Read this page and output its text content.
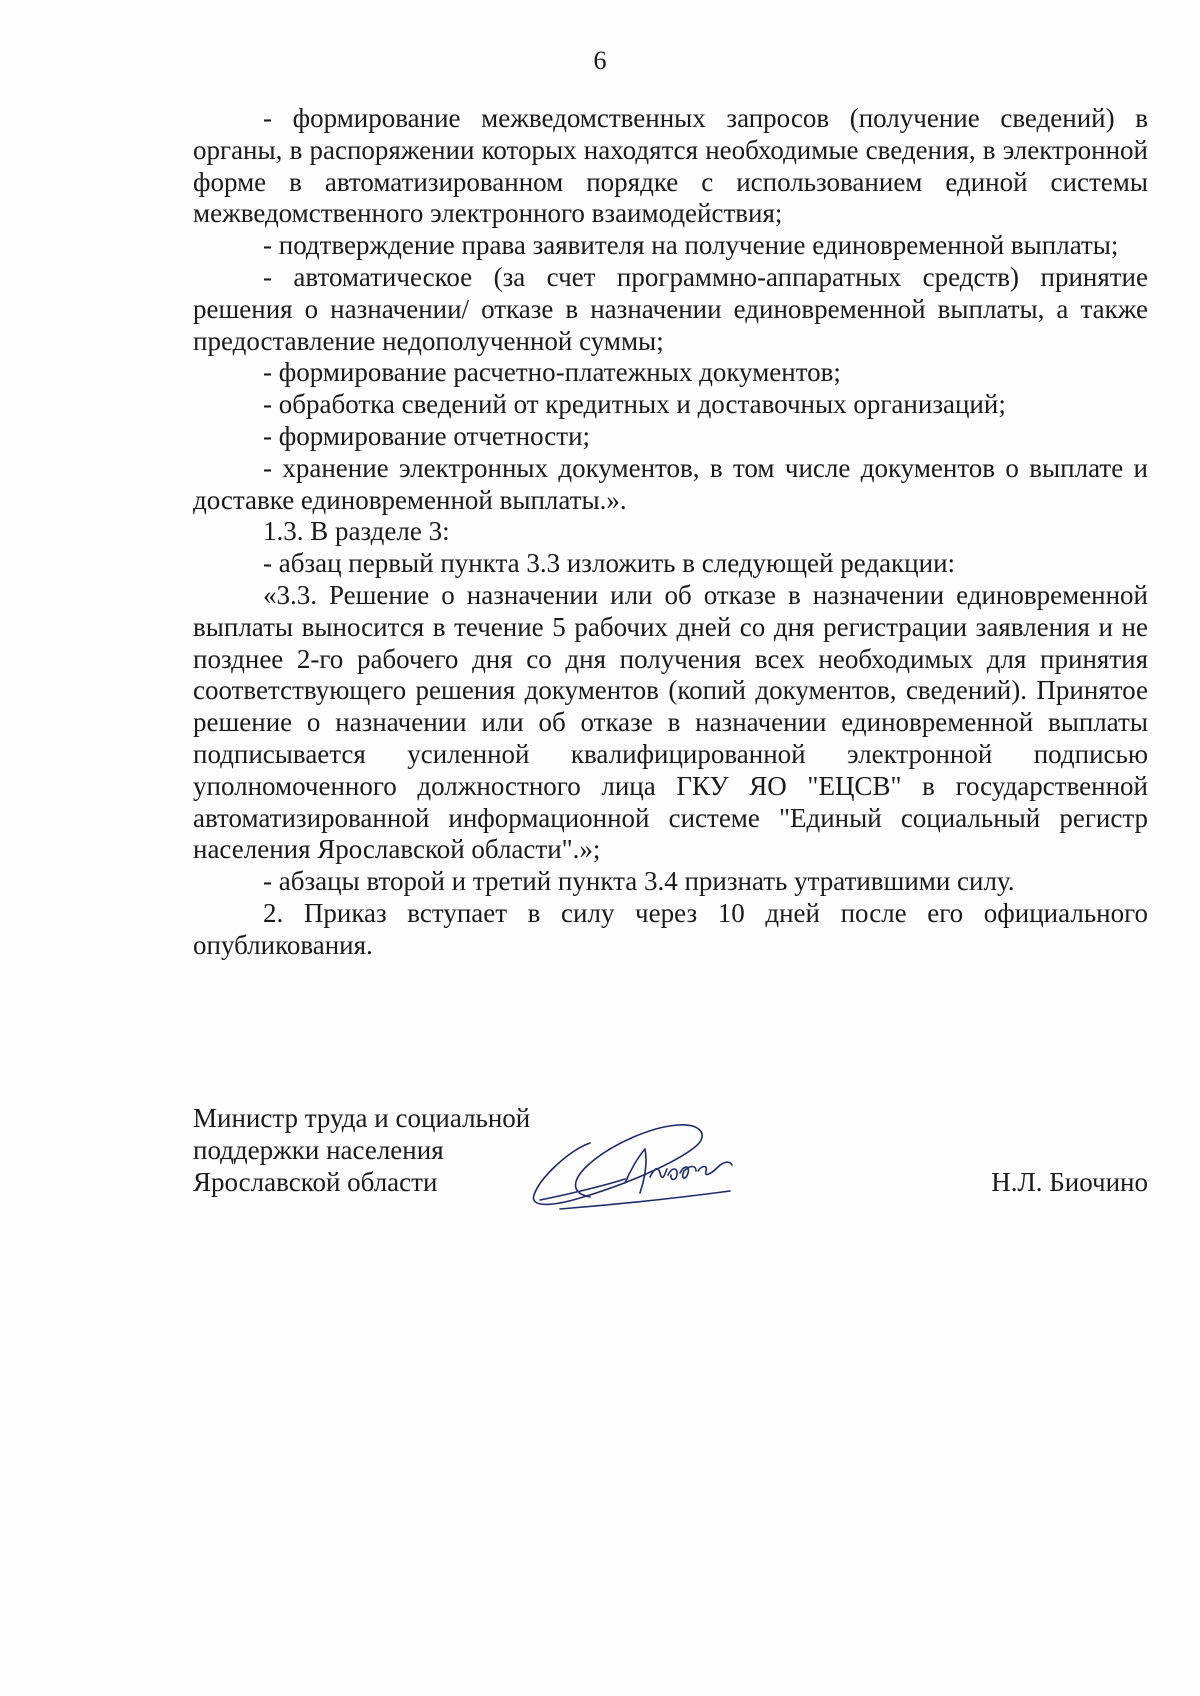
6

- формирование межведомственных запросов (получение сведений) в органы, в распоряжении которых находятся необходимые сведения, в электронной форме в автоматизированном порядке с использованием единой системы межведомственного электронного взаимодействия;

- подтверждение права заявителя на получение единовременной выплаты;

- автоматическое (за счет программно-аппаратных средств) принятие решения о назначении/ отказе в назначении единовременной выплаты, а также предоставление недополученной суммы;

- формирование расчетно-платежных документов;

- обработка сведений от кредитных и доставочных организаций;

- формирование отчетности;

- хранение электронных документов, в том числе документов о выплате и доставке единовременной выплаты.».

1.3. В разделе 3:

- абзац первый пункта 3.3 изложить в следующей редакции:

«3.3. Решение о назначении или об отказе в назначении единовременной выплаты выносится в течение 5 рабочих дней со дня регистрации заявления и не позднее 2-го рабочего дня со дня получения всех необходимых для принятия соответствующего решения документов (копий документов, сведений). Принятое решение о назначении или об отказе в назначении единовременной выплаты подписывается усиленной квалифицированной электронной подписью уполномоченного должностного лица ГКУ ЯО "ЕЦСВ" в государственной автоматизированной информационной системе "Единый социальный регистр населения Ярославской области".»;

- абзацы второй и третий пункта 3.4 признать утратившими силу.

2. Приказ вступает в силу через 10 дней после его официального опубликования.

Министр труда и социальной
поддержки населения
Ярославской области	Н.Л. Биочино
